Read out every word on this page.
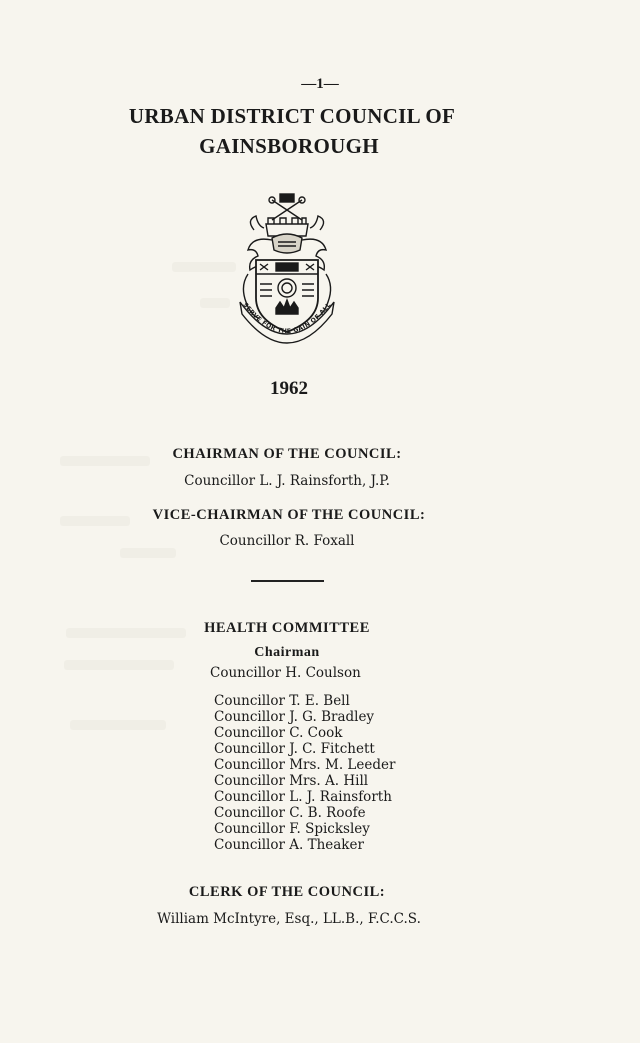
—1—
URBAN DISTRICT COUNCIL OF
GAINSBOROUGH
SERVE FOR THE GAIN OF ALL
1962
CHAIRMAN OF THE COUNCIL:
Councillor L. J. Rainsforth, J.P.
VICE-CHAIRMAN OF THE COUNCIL:
Councillor R. Foxall
HEALTH COMMITTEE
Chairman
Councillor H. Coulson
Councillor T. E. Bell
Councillor J. G. Bradley
Councillor C. Cook
Councillor J. C. Fitchett
Councillor Mrs. M. Leeder
Councillor Mrs. A. Hill
Councillor L. J. Rainsforth
Councillor C. B. Roofe
Councillor F. Spicksley
Councillor A. Theaker
CLERK OF THE COUNCIL:
William McIntyre, Esq., LL.B., F.C.C.S.
